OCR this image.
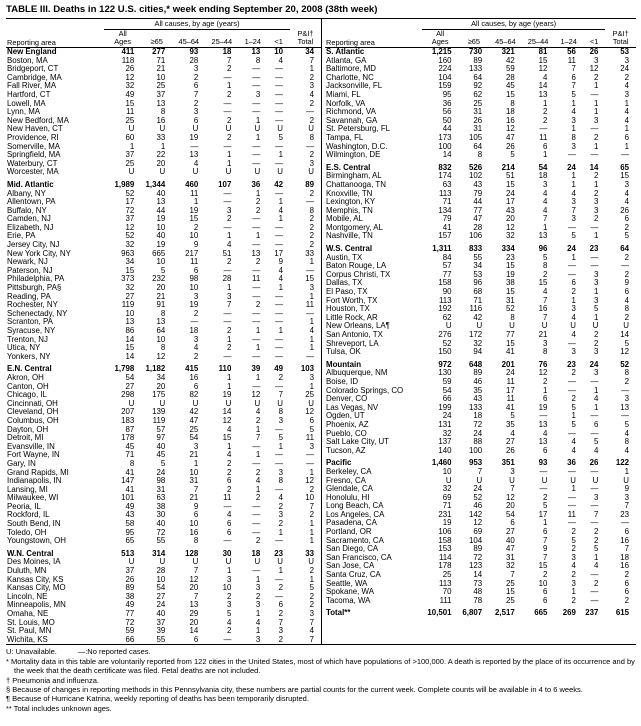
TABLE III. Deaths in 122 U.S. cities,* week ending September 20, 2008 (38th week)
Reporting area	All causes, by age (years)						P&I†
Total
	All Ages	≥65	45–64	25–44	1–24	<1	
New England	411	277	93	18	13	10	34
Boston, MA	118	71	28	7	8	4	7
Bridgeport, CT	26	21	3	2	—	—	1
Cambridge, MA	12	10	2	—	—	—	2
Fall River, MA	32	25	6	1	—	—	3
Hartford, CT	49	37	7	2	3	—	4
Lowell, MA	15	13	2	—	—	—	2
Lynn, MA	11	8	3	—	—	—	—
New Bedford, MA	25	16	6	2	1	—	2
New Haven, CT	U	U	U	U	U	U	U
Providence, RI	60	33	19	2	1	5	8
Somerville, MA	1	1	—	—	—	—	—
Springfield, MA	37	22	13	1	—	1	2
Waterbury, CT	25	20	4	1	—	—	3
Worcester, MA	U	U	U	U	U	U	U

Mid. Atlantic	1,989	1,344	460	107	36	42	89
Albany, NY	52	40	11	—	1	—	2
Allentown, PA	17	13	1	—	2	1	—
Buffalo, NY	72	44	19	3	2	4	8
Camden, NJ	37	19	15	2	—	1	2
Elizabeth, NJ	12	10	2	—	—	—	2
Erie, PA	52	40	10	1	1	—	2
Jersey City, NJ	32	19	9	4	—	—	2
New York City, NY	963	665	217	51	13	17	33
Newark, NJ	34	10	11	2	2	9	1
Paterson, NJ	15	5	6	—	—	4	—
Philadelphia, PA	373	232	98	28	11	4	15
Pittsburgh, PA§	32	20	10	1	—	1	3
Reading, PA	27	21	3	3	—	—	1
Rochester, NY	119	91	19	7	2	—	11
Schenectady, NY	10	8	2	—	—	—	—
Scranton, PA	13	13	—	—	—	—	1
Syracuse, NY	86	64	18	2	1	1	4
Trenton, NJ	14	10	3	1	—	—	1
Utica, NY	15	8	4	2	1	—	1
Yonkers, NY	14	12	2	—	—	—	—

E.N. Central	1,798	1,182	415	110	39	49	103
Akron, OH	54	34	16	1	1	2	3
Canton, OH	27	20	6	1	—	—	1
Chicago, IL	298	175	82	19	12	7	25
Cincinnati, OH	U	U	U	U	U	U	U
Cleveland, OH	207	139	42	14	4	8	12
Columbus, OH	183	119	47	12	2	3	6
Dayton, OH	87	57	25	4	1	—	5
Detroit, MI	178	97	54	15	7	5	11
Evansville, IN	45	40	3	1	—	1	3
Fort Wayne, IN	71	45	21	4	1	—	—
Gary, IN	8	5	1	2	—	—	—
Grand Rapids, MI	41	24	10	2	2	3	1
Indianapolis, IN	147	98	31	6	4	8	12
Lansing, MI	41	31	7	2	1	—	2
Milwaukee, WI	101	63	21	11	2	4	10
Peoria, IL	49	38	9	—	—	2	7
Rockford, IL	43	30	6	4	—	3	2
South Bend, IN	58	40	10	6	—	2	1
Toledo, OH	95	72	16	6	—	1	1
Youngstown, OH	65	55	8	—	2	—	1

W.N. Central	513	314	128	30	18	23	33
Des Moines, IA	U	U	U	U	U	U	U
Duluth, MN	37	28	7	1	—	1	2
Kansas City, KS	26	10	12	3	1	—	1
Kansas City, MO	89	54	20	10	3	2	5
Lincoln, NE	38	27	7	2	2	—	2
Minneapolis, MN	49	24	13	3	3	6	2
Omaha, NE	77	40	29	5	1	2	3
St. Louis, MO	72	37	20	4	4	7	7
St. Paul, MN	59	39	14	2	1	3	4
Wichita, KS	66	55	6	—	3	2	7
Reporting area	All causes, by age (years)						P&I†
Total
	All Ages	≥65	45–64	25–44	1–24	<1	
S. Atlantic	1,215	730	321	81	56	26	53
Atlanta, GA	160	89	42	15	11	3	3
Baltimore, MD	224	133	59	12	7	12	24
Charlotte, NC	104	64	28	4	6	2	2
Jacksonville, FL	159	92	45	14	7	1	4
Miami, FL	95	62	15	13	5	—	3
Norfolk, VA	36	25	8	1	1	1	1
Richmond, VA	56	31	18	2	4	1	4
Savannah, GA	50	26	16	2	3	3	4
St. Petersburg, FL	44	31	12	—	1	—	1
Tampa, FL	173	105	47	11	8	2	6
Washington, D.C.	100	64	26	6	3	1	1
Wilmington, DE	14	8	5	1	—	—	—

E.S. Central	832	526	214	54	24	14	65
Birmingham, AL	174	102	51	18	1	2	15
Chattanooga, TN	63	43	15	3	1	1	3
Knoxville, TN	113	79	24	4	4	2	4
Lexington, KY	71	44	17	4	3	3	4
Memphis, TN	134	77	43	4	7	3	26
Mobile, AL	79	47	20	7	3	2	6
Montgomery, AL	41	28	12	1	—	—	2
Nashville, TN	157	106	32	13	5	1	5

W.S. Central	1,311	833	334	96	24	23	64
Austin, TX	84	55	23	5	1	—	2
Baton Rouge, LA	57	34	15	8	—	—	—
Corpus Christi, TX	77	53	19	2	—	3	2
Dallas, TX	158	96	38	15	6	3	9
El Paso, TX	90	68	15	4	2	1	6
Fort Worth, TX	113	71	31	7	1	3	4
Houston, TX	192	116	52	16	3	5	8
Little Rock, AR	62	42	8	7	4	1	2
New Orleans, LA¶	U	U	U	U	U	U	U
San Antonio, TX	276	172	77	21	4	2	14
Shreveport, LA	52	32	15	3	—	2	5
Tulsa, OK	150	94	41	8	3	3	12

Mountain	972	648	201	76	23	24	52
Albuquerque, NM	130	89	24	12	2	3	8
Boise, ID	59	46	11	2	—	—	2
Colorado Springs, CO	54	35	17	1	—	1	—
Denver, CO	66	43	11	6	2	4	3
Las Vegas, NV	199	133	41	19	5	1	13
Ogden, UT	24	18	5	—	1	—	—
Phoenix, AZ	131	72	35	13	5	6	5
Pueblo, CO	32	24	4	4	—	—	4
Salt Lake City, UT	137	88	27	13	4	5	8
Tucson, AZ	140	100	26	6	4	4	4

Pacific	1,460	953	351	93	36	26	122
Berkeley, CA	10	7	3	—	—	—	1
Fresno, CA	U	U	U	U	U	U	U
Glendale, CA	32	24	7	—	1	—	9
Honolulu, HI	69	52	12	2	—	3	3
Long Beach, CA	71	46	20	5	—	—	7
Los Angeles, CA	231	142	54	17	11	7	23
Pasadena, CA	19	12	6	1	—	—	—
Portland, OR	106	69	27	6	2	2	6
Sacramento, CA	158	104	40	7	5	2	16
San Diego, CA	153	89	47	9	2	5	7
San Francisco, CA	114	72	31	7	3	1	18
San Jose, CA	178	123	32	15	4	4	16
Santa Cruz, CA	25	14	7	2	2	—	2
Seattle, WA	113	73	25	10	3	2	6
Spokane, WA	70	48	15	6	1	—	6
Tacoma, WA	111	78	25	6	2	—	2

Total**	10,501	6,807	2,517	665	269	237	615
U: Unavailable.          —:No reported cases.
* Mortality data in this table are voluntarily reported from 122 cities in the United States, most of which have populations of >100,000. A death is reported by the place of its occurrence and by the week that the death certificate was filed. Fetal deaths are not included.
† Pneumonia and influenza.
§ Because of changes in reporting methods in this Pennsylvania city, these numbers are partial counts for the current week. Complete counts will be available in 4 to 6 weeks.
¶ Because of Hurricane Katrina, weekly reporting of deaths has been temporarily disrupted.
** Total includes unknown ages.
